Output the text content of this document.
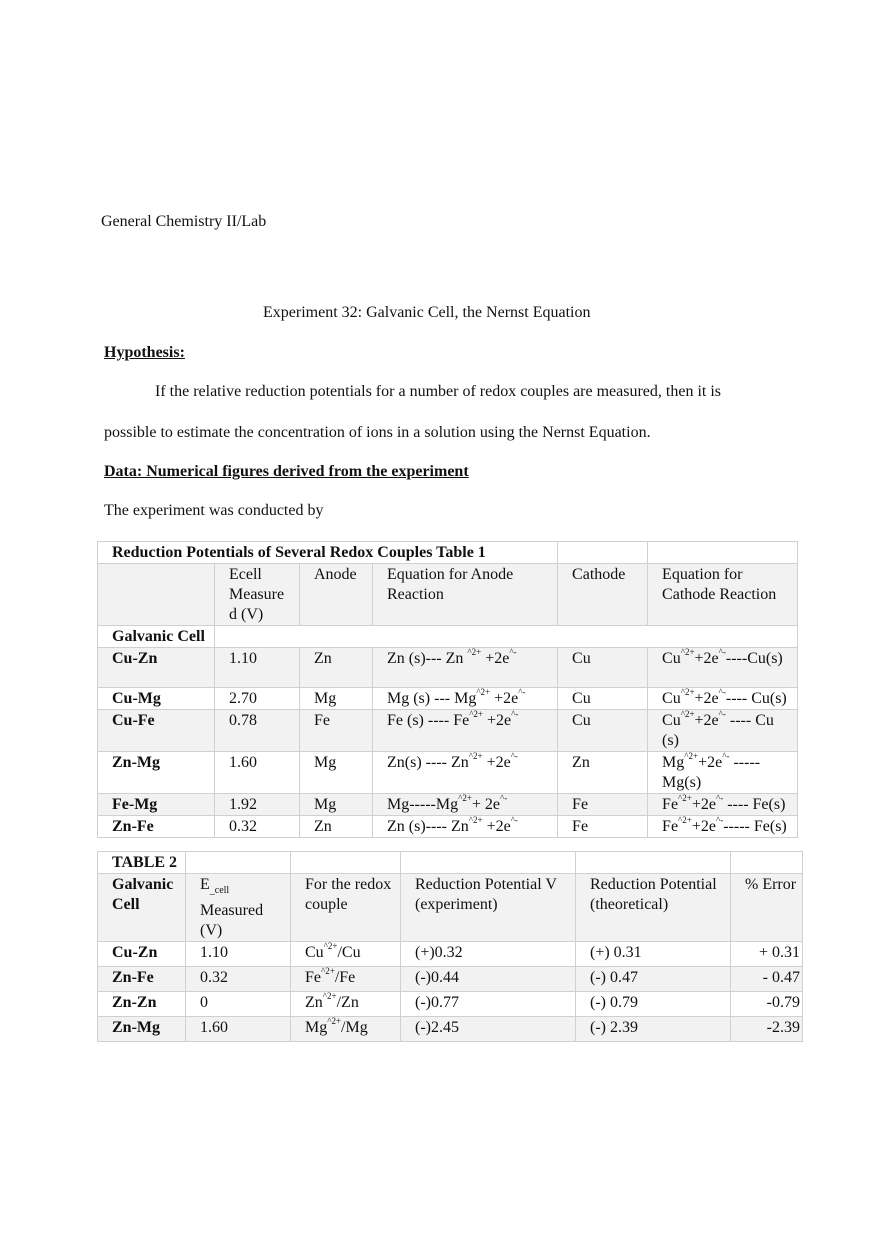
General Chemistry II/Lab
Experiment 32: Galvanic Cell, the Nernst Equation
Hypothesis:
If the relative reduction potentials for a number of redox couples are measured, then it is
possible to estimate the concentration of ions in a solution using the Nernst Equation.
Data: Numerical figures derived from the experiment
The experiment was conducted by
Reduction Potentials of Several Redox Couples Table 1					
	Ecell Measure d (V)	Anode	Equation for Anode Reaction	Cathode	Equation for Cathode Reaction
Galvanic Cell					
Cu-Zn	1.10	Zn	Zn (s)--- Zn $^{\^{}2+}$ +2e^-	Cu	$Cu^{\^{}2+}+2e^{\^{}-}----Cu(s)$
Cu-Mg	2.70	Mg	Mg (s) --- $Mg^{\^{}2+} +2e^{\^{}-}$	Cu	$Cu^{\^{}2+}+2e^{\^{}-}----$ Cu(s)
Cu-Fe	0.78	Fe	Fe (s) ---- $Fe^{\^{}2+} +2e^{\^{}-}$	Cu	$Cu^{\^{}2+}+2e^{\^{}-}$ ---- Cu (s)
Zn-Mg	1.60	Mg	Zn(s) ---- $Zn^{\^{}2+} +2e^{\^{}-}$	Zn	$Mg^{\^{}2+}+2e^{\^{}-}$ ----- Mg(s)
Fe-Mg	1.92	Mg	$Mg-----Mg^{\^{}2+}+ 2e^{\^{}-}$	Fe	$Fe^{\^{}2+}+2e^{\^{}-}$ ---- Fe(s)
Zn-Fe	0.32	Zn	Zn (s)---- $Zn^{\^{}2+} +2e^{\^{}-}$	Fe	$Fe^{\^{}2+}+2e^{\^{}-}-----$ Fe(s)
TABLE 2					
Galvanic Cell	$E_{\_cell}$ Measured (V)	For the redox couple	Reduction Potential V (experiment)	Reduction Potential (theoretical)	% Error
Cu-Zn	1.10	$Cu^{\^{}2+}/Cu$	(+)0.32	(+) 0.31	+ 0.31
Zn-Fe	0.32	$Fe^{\^{}2+}/Fe$	(-)0.44	(-) 0.47	- 0.47
Zn-Zn	0	$Zn^{\^{}2+}/Zn$	(-)0.77	(-) 0.79	-0.79
Zn-Mg	1.60	$Mg^{\^{}2+}/Mg$	(-)2.45	(-) 2.39	-2.39
